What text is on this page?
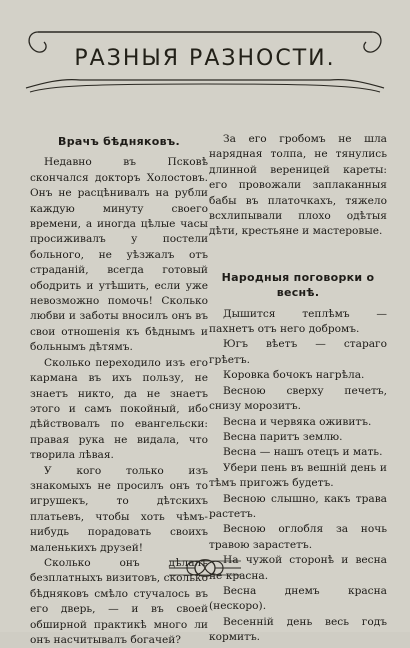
РАЗНЫЯ РАЗНОСТИ.
Врачъ бѣдняковъ.

Недавно въ Псковѣ скончался докторъ Холостовъ. Онъ не расцѣнивалъ на рубли каждую минуту своего времени, а иногда цѣлые часы просиживалъ у постели больного, не уѣзжалъ отъ страданій, всегда готовый ободрить и утѣшить, если уже невозможно помочь! Сколько любви и заботы вносилъ онъ въ свои отношенія къ бѣднымъ и больнымъ дѣтямъ.

Сколько переходило изъ его кармана въ ихъ пользу, не знаетъ никто, да не знаетъ этого и самъ покойный, ибо дѣйствовалъ по евангельски: правая рука не видала, что творила лѣвая.

У кого только изъ знакомыхъ не просилъ онъ то игрушекъ, то дѣтскихъ платьевъ, чтобы хоть чѣмъ-нибудь порадовать своихъ маленькихъ друзей!

Сколько онъ дѣлалъ безплатныхъ визитовъ, сколько бѣдняковъ смѣло стучалось въ его дверь, — и въ своей обширной практикѣ много ли онъ насчитывалъ богачей?

За его гробомъ не шла нарядная толпа, не тянулись длинной вереницей кареты: его провожали заплаканныя бабы въ платочкахъ, тяжело всхлипывали плохо одѣтыя дѣти, крестьяне и мастеровые.

Народныя поговорки о веснѣ.

Дышится теплѣмъ — пахнетъ отъ него добромъ.

Югъ вѣетъ — стараго грѣетъ.

Коровка бочокъ нагрѣла.

Весною сверху печетъ, снизу морозитъ.

Весна и червяка оживитъ.

Весна паритъ землю.

Весна — нашъ отецъ и мать.

Убери пень въ вешній день и тѣмъ пригожъ будетъ.

Весною слышно, какъ трава растетъ.

Весною оглобля за ночь травою зарастетъ.

На чужой сторонѣ и весна не красна.

Весна днемъ красна (нескоро).

Весенній день весь годъ кормитъ.
